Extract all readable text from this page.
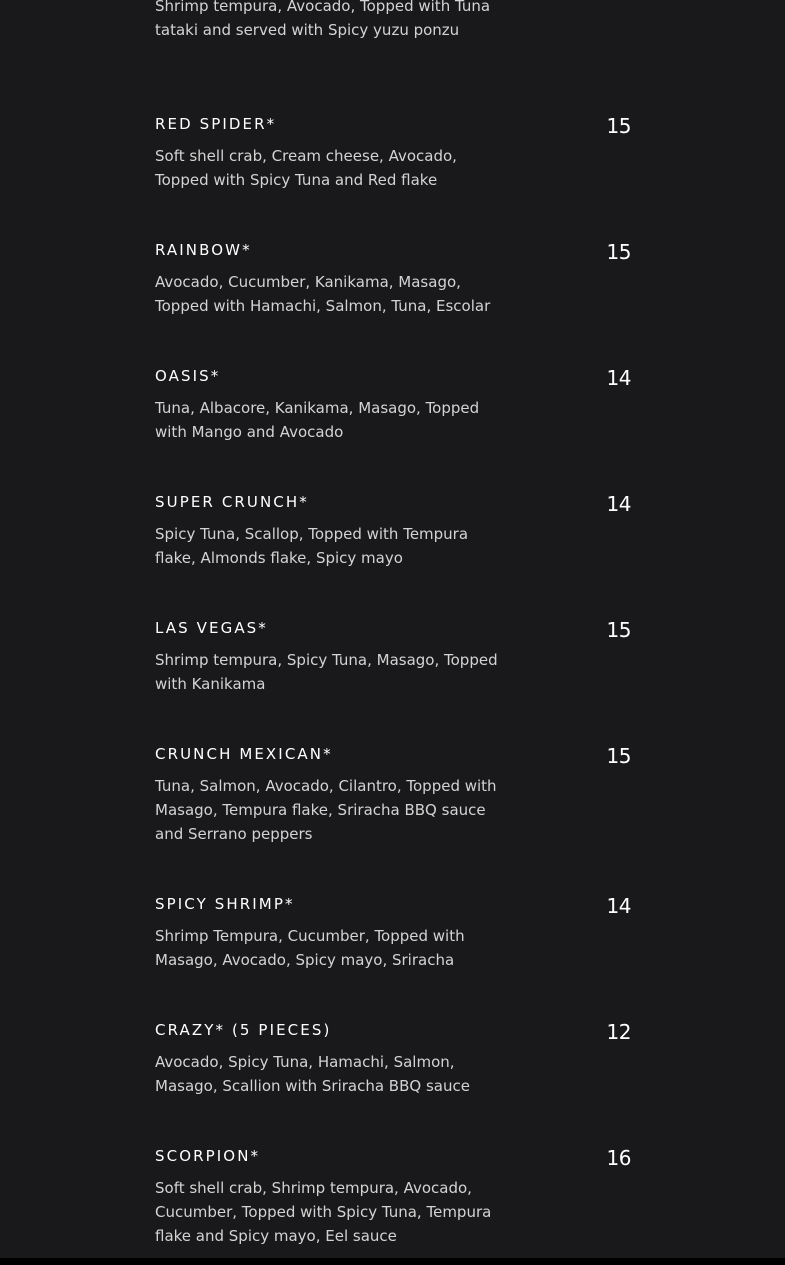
Shrimp tempura, Avocado, Topped with Tuna tataki and served with Spicy yuzu ponzu

RED SPIDER*	15

Soft shell crab, Cream cheese, Avocado, Topped with Spicy Tuna and Red flake

RAINBOW*	15

Avocado, Cucumber, Kanikama, Masago, Topped with Hamachi, Salmon, Tuna, Escolar

OASIS*	14

Tuna, Albacore, Kanikama, Masago, Topped with Mango and Avocado

SUPER CRUNCH*	14

Spicy Tuna, Scallop, Topped with Tempura flake, Almonds flake, Spicy mayo

LAS VEGAS*	15

Shrimp tempura, Spicy Tuna, Masago, Topped with Kanikama

CRUNCH MEXICAN*	15

Tuna, Salmon, Avocado, Cilantro, Topped with Masago, Tempura flake, Sriracha BBQ sauce and Serrano peppers

SPICY SHRIMP*	14

Shrimp Tempura, Cucumber, Topped with Masago, Avocado, Spicy mayo, Sriracha

CRAZY* (5 PIECES)	12

Avocado, Spicy Tuna, Hamachi, Salmon, Masago, Scallion with Sriracha BBQ sauce

SCORPION*	16

Soft shell crab, Shrimp tempura, Avocado, Cucumber, Topped with Spicy Tuna, Tempura flake and Spicy mayo, Eel sauce
